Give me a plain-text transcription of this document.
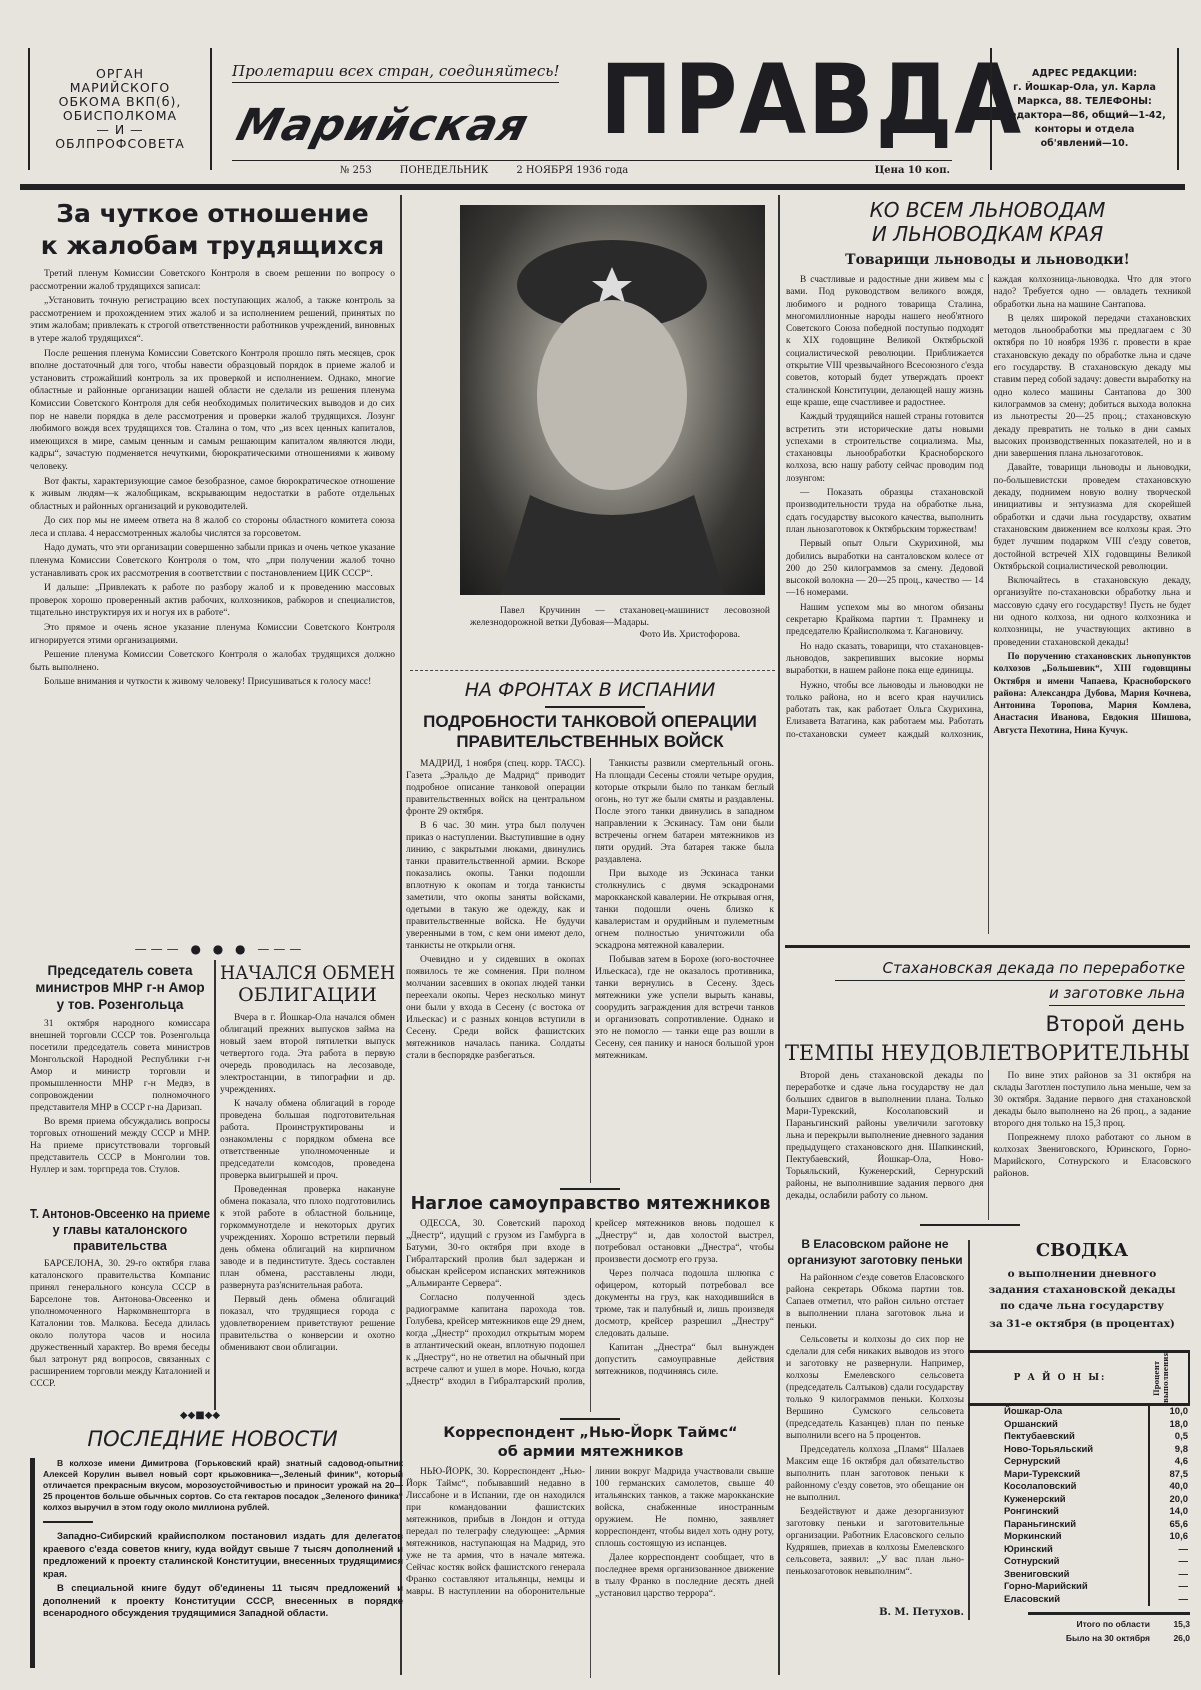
ОРГАН
МАРИЙСКОГО
ОБКОМА ВКП(б),
ОБИСПОЛКОМА
— И —
ОБЛПРОФСОВЕТА
Пролетарии всех стран, соединяйтесь!
Марийская ПРАВДА
№ 253	ПОНЕДЕЛЬНИК	2 НОЯБРЯ 1936 года	Цена 10 коп.
АДРЕС РЕДАКЦИИ:
г. Йошкар-Ола, ул. Карла
Маркса, 88. ТЕЛЕФОНЫ:
редактора—86, общий—1-42,
конторы и отдела
об'явлений—10.
За чуткое отношение
к жалобам трудящихся

Третий пленум Комиссии Советского Контроля в своем решении по вопросу о рассмотрении жалоб трудящихся записал:

„Установить точную регистрацию всех поступающих жалоб, а также контроль за рассмотрением и прохождением этих жалоб и за исполнением решений, принятых по этим жалобам; привлекать к строгой ответственности работников учреждений, виновных в утере жалоб трудящихся“.

После решения пленума Комиссии Советского Контроля прошло пять месяцев, срок вполне достаточный для того, чтобы навести образцовый порядок в приеме жалоб и установить строжайший контроль за их проверкой и исполнением. Однако, многие областные и районные организации нашей области не сделали из решения пленума Комиссии Советского Контроля для себя необходимых политических выводов и до сих пор не навели порядка в деле рассмотрения и проверки жалоб трудящихся. Лозунг любимого вождя всех трудящихся тов. Сталина о том, что „из всех ценных капиталов, имеющихся в мире, самым ценным и самым решающим капиталом являются люди, кадры“, зачастую подменяется нечуткими, бюрократическими отношениями к живому человеку.

Вот факты, характеризующие самое безобразное, самое бюрократическое отношение к живым людям—к жалобщикам, вскрывающим недостатки в работе отдельных областных и районных организаций и руководителей.

До сих пор мы не имеем ответа на 8 жалоб со стороны областного комитета союза леса и сплава. 4 нерассмотренных жалобы числятся за горсоветом.

Надо думать, что эти организации совершенно забыли приказ и очень четкое указание пленума Комиссии Советского Контроля о том, что „при получении жалоб точно устанавливать срок их рассмотрения в соответствии с постановлением ЦИК СССР“.

И дальше: „Привлекать к работе по разбору жалоб и к проведению массовых проверок хорошо проверенный актив рабочих, колхозников, рабкоров и специалистов, тщательно инструктируя их и ногуя их в работе“.

Это прямое и очень ясное указание пленума Комиссии Советского Контроля игнорируется этими организациями.

Решение пленума Комиссии Советского Контроля о жалобах трудящихся должно быть выполнено.

Больше внимания и чуткости к живому человеку! Присушиваться к голосу масс!

——— ● ● ● ———
Председатель совета
министров МНР г-н Амор
у тов. Розенгольца

31 октября народного комиссара внешней торговли СССР тов. Розенгольца посетили председатель совета министров Монгольской Народной Республики г-н Амор и министр торговли и промышленности МНР г-н Медвэ, в сопровождении полномочного представителя МНР в СССР г-на Даризап.

Во время приема обсуждались вопросы торговых отношений между СССР и МНР. На приеме присутствовали торговый представитель СССР в Монголии тов. Нуллер и зам. торгпреда тов. Стулов.

Т. Антонов-Овсеенко на приеме
у главы каталонского
правительства

БАРСЕЛОНА, 30. 29-го октября глава каталонского правительства Компанис принял генерального консула СССР в Барселоне тов. Антонова-Овсеенко и уполномоченного Наркомвнешторга в Каталонии тов. Малкова. Беседа длилась около полутора часов и носила дружественный характер. Во время беседы был затронут ряд вопросов, связанных с расширением торговли между Каталонией и СССР.

НАЧАЛСЯ ОБМЕН
ОБЛИГАЦИИ

Вчера в г. Йошкар-Ола начался обмен облигаций прежних выпусков займа на новый заем второй пятилетки выпуск четвертого года. Эта работа в первую очередь проводилась на лесозаводе, электростанции, в типографии и др. учреждениях.

К началу обмена облигаций в городе проведена большая подготовительная работа. Проинструктированы и ознакомлены с порядком обмена все ответственные уполномоченные и председатели комсодов, проведена проверка выигрышей и проч.

Проведенная проверка накануне обмена показала, что плохо подготовились к этой работе в областной больнице, горкоммунотделе и некоторых других учреждениях. Хорошо встретили первый день обмена облигаций на кирпичном заводе и в пединституте. Здесь составлен план обмена, расставлены люди, развернута раз'яснительная работа.

Первый день обмена облигаций показал, что трудящиеся города с удовлетворением приветствуют решение правительства о конверсии и охотно обменивают свои облигации.

◆◆■◆◆
ПОСЛЕДНИЕ НОВОСТИ

В колхозе имени Димитрова (Горьковский край) знатный садовод-опытник Алексей Корулин вывел новый сорт крыжовника—„Зеленый финик“, который отличается прекрасным вкусом, морозоустойчивостью и приносит урожай на 20—25 процентов больше обычных сортов. Со ста гектаров посадок „Зеленого финика“ колхоз выручил в этом году около миллиона рублей.

Западно-Сибирский крайисполком постановил издать для делегатов краевого с'езда советов книгу, куда войдут свыше 7 тысяч дополнений и предложений к проекту сталинской Конституции, внесенных трудящимися края.

В специальной книге будут об'единены 11 тысяч предложений и дополнений к проекту Конституции СССР, внесенных в порядке всенародного обсуждения трудящимися Западной области.

Павел Кручинин — стахановец-машинист лесовозной железнодорожной ветки Дубовая—Мадары.
Фото Ив. Христофорова.
НА ФРОНТАХ В ИСПАНИИ
ПОДРОБНОСТИ ТАНКОВОЙ ОПЕРАЦИИ
ПРАВИТЕЛЬСТВЕННЫХ ВОЙСК

МАДРИД, 1 ноября (спец. корр. ТАСС). Газета „Эральдо де Мадрид“ приводит подробное описание танковой операции правительственных войск на центральном фронте 29 октября.

В 6 час. 30 мин. утра был получен приказ о наступлении. Выступившие в одну линию, с закрытыми люками, двинулись танки правительственной армии. Вскоре показались окопы. Танки подошли вплотную к окопам и тогда танкисты заметили, что окопы заняты войсками, одетыми в такую же одежду, как и правительственные войска. Не будучи уверенными в том, с кем они имеют дело, танкисты не открыли огня.

Очевидно и у сидевших в окопах появилось те же сомнения. При полном молчании засевших в окопах людей танки переехали окопы. Через несколько минут они были у входа в Сесену (с востока от Ильескас) и с разных концов вступили в Сесену. Среди войск фашистских мятежников началась паника. Солдаты стали в беспорядке разбегаться.

Танкисты развили смертельный огонь. На площади Сесены стояли четыре орудия, которые открыли было по танкам беглый огонь, но тут же были смяты и раздавлены. После этого танки двинулись в западном направлении к Эскинасу. Там они были встречены огнем батареи мятежников из пяти орудий. Эта батарея также была раздавлена.

При выходе из Эскинаса танки столкнулись с двумя эскадронами марокканской кавалерии. Не открывая огня, танки подошли очень близко к кавалеристам и орудийным и пулеметным огнем полностью уничтожили оба эскадрона мятежной кавалерии.

Побывав затем в Борохе (юго-восточнее Ильескаса), где не оказалось противника, танки вернулись в Сесену. Здесь мятежники уже успели вырыть канавы, соорудить заграждения для встречи танков и организовать сопротивление. Однако и это не помогло — танки еще раз вошли в Сесену, сея панику и нанося большой урон мятежникам.

Наглое самоуправство мятежников

ОДЕССА, 30. Советский пароход „Днестр“, идущий с грузом из Гамбурга в Батуми, 30-го октября при входе в Гибралтарский пролив был задержан и обыскан крейсером испанских мятежников „Альмиранте Сервера“.

Согласно полученной здесь радиограмме капитана парохода тов. Голубева, крейсер мятежников еще 29 днем, когда „Днестр“ проходил открытым морем в атлантический океан, вплотную подошел к „Днестру“, но не ответил на обычный при встрече салют и ушел в море. Ночью, когда „Днестр“ входил в Гибралтарский пролив, крейсер мятежников вновь подошел к „Днестру“ и, дав холостой выстрел, потребовал остановки „Днестра“, чтобы произвести досмотр его груза.

Через полчаса подошла шлюпка с офицером, который потребовал все документы на груз, как находившийся в трюме, так и палубный и, лишь произведя досмотр, крейсер разрешил „Днестру“ следовать дальше.

Капитан „Днестра“ был вынужден допустить самоуправные действия мятежников, подчиняясь силе.

Корреспондент „Нью-Йорк Таймс“
об армии мятежников

НЬЮ-ЙОРК, 30. Корреспондент „Нью-Йорк Таймс“, побывавший недавно в Лиссабоне и в Испании, где он находился при командовании фашистских мятежников, прибыв в Лондон и оттуда передал по телеграфу следующее: „Армия мятежников, наступающая на Мадрид, это уже не та армия, что в начале мятежа. Сейчас костяк войск фашистского генерала Франко составляют итальянцы, немцы и мавры. В наступлении на оборонительные линии вокруг Мадрида участвовали свыше 100 германских самолетов, свыше 40 итальянских танков, а также марокканские войска, снабженные иностранным оружием. Не помню, заявляет корреспондент, чтобы видел хоть одну роту, сплошь состоящую из испанцев.

Далее корреспондент сообщает, что в последнее время организованное движение в тылу Франко в последние десять дней „установил царство террора“.

КО ВСЕМ ЛЬНОВОДАМ
И ЛЬНОВОДКАМ КРАЯ
Товарищи льноводы и льноводки!

В счастливые и радостные дни живем мы с вами. Под руководством великого вождя, любимого и родного товарища Сталина, многомиллионные народы нашего необ'ятного Советского Союза победной поступью подходят к XIX годовщине Великой Октябрьской социалистической революции. Приближается открытие VIII чрезвычайного Всесоюзного с'езда советов, который будет утверждать проект сталинской Конституции, делающей нашу жизнь еще краше, еще счастливее и радостнее.

Каждый трудящийся нашей страны готовится встретить эти исторические даты новыми успехами в строительстве социализма. Мы, стахановцы льнообработки Красноборского колхоза, всю нашу работу сейчас проводим под лозунгом:

— Показать образцы стахановской производительности труда на обработке льна, сдать государству высокого качества, выполнить план льнозаготовок к Октябрьским торжествам!

Первый опыт Ольги Скурихиной, мы добились выработки на санталовском колесе от 200 до 250 килограммов за смену. Дедовой высокой волокна — 20—25 проц., качество — 14—16 номерами.

Нашим успехом мы во многом обязаны секретарю Крайкома партии т. Прамнеку и председателю Крайисполкома т. Кагановичу.

Но надо сказать, товарищи, что стахановцев-льноводов, закрепивших высокие нормы выработки, в нашем районе пока еще единицы.

Нужно, чтобы все льноводы и льноводки не только района, но и всего края научились работать так, как работает Ольга Скурихина, Елизавета Ватагина, как работаем мы. Работать по-стахановски сумеет каждый колхозник, каждая колхозница-льноводка. Что для этого надо? Требуется одно — овладеть техникой обработки льна на машине Сантапова.

В целях широкой передачи стахановских методов льнообработки мы предлагаем с 30 октября по 10 ноября 1936 г. провести в крае стахановскую декаду по обработке льна и сдаче его государству. В стахановскую декаду мы ставим перед собой задачу: довести выработку на одно колесо машины Сантапова до 300 килограммов за смену; добиться выхода волокна из льнотресты 20—25 проц.; стахановскую декаду превратить не только в дни самых высоких производственных показателей, но и в дни завершения плана льнозаготовок.

Давайте, товарищи льноводы и льноводки, по-большевистски проведем стахановскую декаду, поднимем новую волну творческой инициативы и энтузиазма для скорейшей обработки и сдачи льна государству, охватим стахановским движением все колхозы края. Это будет лучшим подарком VIII с'езду советов, достойной встречей XIX годовщины Великой Октябрьской социалистической революции.

Включайтесь в стахановскую декаду, организуйте по-стахановски обработку льна и массовую сдачу его государству! Пусть не будет ни одного колхоза, ни одного колхозника и колхозницы, не участвующих активно в проведении стахановской декады!

По поручению стахановских льнопунктов колхозов „Большевик“, XIII годовщины Октября и имени Чапаева, Красноборского района: Александра Дубова, Мария Кочнева, Антонина Торопова, Мария Комлева, Анастасия Иванова, Евдокия Шишова, Августа Пехотина, Нина Кучук.

Стахановская декада по переработке
и заготовке льна
Второй день
ТЕМПЫ НЕУДОВЛЕТВОРИТЕЛЬНЫ

Второй день стахановской декады по переработке и сдаче льна государству не дал больших сдвигов в выполнении плана. Только Мари-Турекский, Косолаповский и Параньгинский районы увеличили заготовку льна и перекрыли выполнение дневного задания предыдущего стахановского дня. Шапкинский, Пектубаевский, Йошкар-Ола, Ново-Торьяльский, Куженерский, Сернурский районы, не выполнившие задания первого дня декады, ослабили работу со льном.

По вине этих районов за 31 октября на склады Заготлен поступило льна меньше, чем за 30 октября. Задание первого дня стахановской декады было выполнено на 26 проц., а задание второго дня только на 15,3 проц.

Попрежнему плохо работают со льном в колхозах Звениговского, Юринского, Горно-Марийского, Сотнурского и Еласовского районов.

В Еласовском районе не
организуют заготовку пеньки

На районном с'езде советов Еласовского района секретарь Обкома партии тов. Сапаев отметил, что район сильно отстает в выполнении плана заготовок льна и пеньки.

Сельсоветы и колхозы до сих пор не сделали для себя никаких выводов из этого и заготовку не развернули. Например, колхозы Емелевского сельсовета (председатель Салтыков) сдали государству только 9 килограммов пеньки. Колхозы Вершино Сумского сельсовета (председатель Казанцев) план по пеньке выполнили всего на 5 процентов.

Председатель колхоза „Пламя“ Шалаев Максим еще 16 октября дал обязательство выполнить план заготовок пеньки к районному с'езду советов, это обещание он не выполнил.

Бездействуют и даже дезорганизуют заготовку пеньки и заготовительные организации. Работник Еласовского сельпо Кудряшев, приехав в колхозы Емелевского сельсовета, заявил: „У вас план льно-пенькозаготовок невыполним“.

В. М. Петухов.
СВОДКА
о выполнении дневного
задания стахановской декады
по сдаче льна государству
за 31-е октября (в процентах)
Р А Й О Н Ы:	Процент выполнения
Йошкар-Ола	10,0
Оршанский	18,0
Пектубаевский	0,5
Ново-Торьяльский	9,8
Сернурский	4,6
Мари-Турекский	87,5
Косолаповский	40,0
Куженерский	20,0
Ронгинский	14,0
Параньгинский	65,6
Моркинский	10,6
Юринский	—
Сотнурский	—
Звениговский	—
Горно-Марийский	—
Еласовский	—
Итого по области	15,3
Было на 30 октября	26,0
